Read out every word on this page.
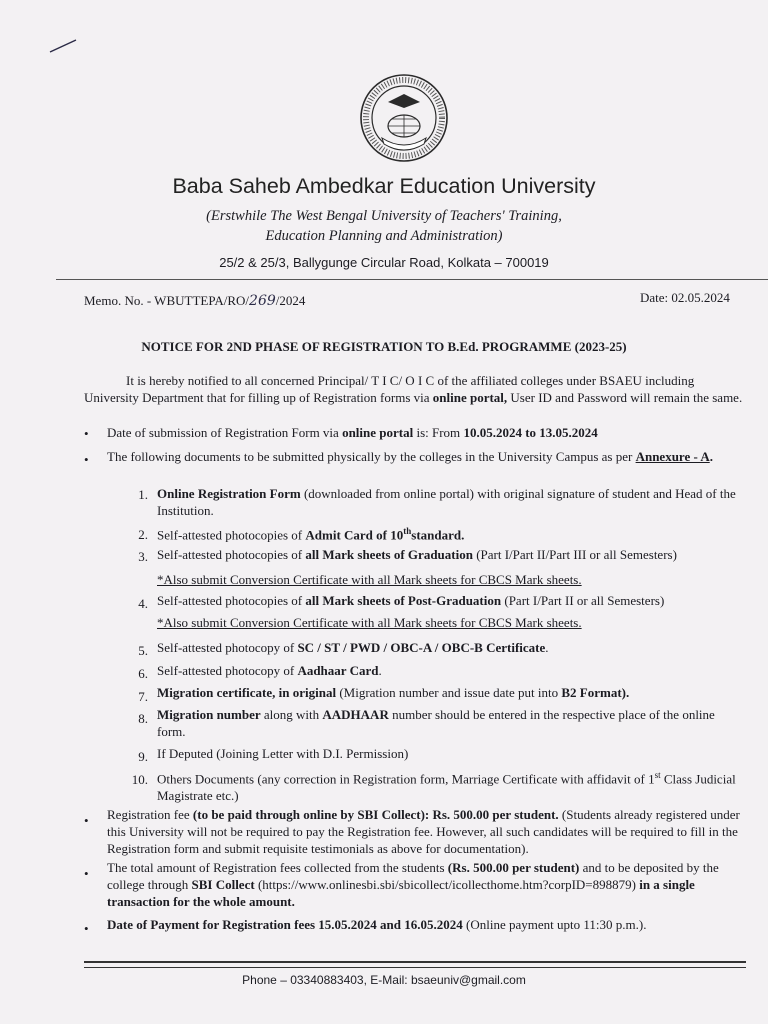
Baba Saheb Ambedkar Education University
(Erstwhile The West Bengal University of Teachers' Training,
Education Planning and Administration)
25/2 & 25/3, Ballygunge Circular Road, Kolkata – 700019
Memo. No. - WBUTTEPA/RO/269/2024	Date: 02.05.2024
NOTICE FOR 2ND PHASE OF REGISTRATION TO B.Ed. PROGRAMME (2023-25)
It is hereby notified to all concerned Principal/ T I C/ O I C of the affiliated colleges under BSAEU including University Department that for filling up of Registration forms via online portal, User ID and Password will remain the same.
• Date of submission of Registration Form via online portal is: From 10.05.2024 to 13.05.2024
• The following documents to be submitted physically by the colleges in the University Campus as per Annexure - A.
1. Online Registration Form (downloaded from online portal) with original signature of student and Head of the Institution.
2. Self-attested photocopies of Admit Card of 10thstandard.
3. Self-attested photocopies of all Mark sheets of Graduation (Part I/Part II/Part III or all Semesters)
*Also submit Conversion Certificate with all Mark sheets for CBCS Mark sheets.
4. Self-attested photocopies of all Mark sheets of Post-Graduation (Part I/Part II or all Semesters)
*Also submit Conversion Certificate with all Mark sheets for CBCS Mark sheets.
5. Self-attested photocopy of SC / ST / PWD / OBC-A / OBC-B Certificate.
6. Self-attested photocopy of Aadhaar Card.
7. Migration certificate, in original (Migration number and issue date put into B2 Format).
8. Migration number along with AADHAAR number should be entered in the respective place of the online form.
9. If Deputed (Joining Letter with D.I. Permission)
10. Others Documents (any correction in Registration form, Marriage Certificate with affidavit of 1st Class Judicial Magistrate etc.)
• Registration fee (to be paid through online by SBI Collect): Rs. 500.00 per student. (Students already registered under this University will not be required to pay the Registration fee. However, all such candidates will be required to fill in the Registration form and submit requisite testimonials as above for documentation).
• The total amount of Registration fees collected from the students (Rs. 500.00 per student) and to be deposited by the college through SBI Collect (https://www.onlinesbi.sbi/sbicollect/icollecthome.htm?corpID=898879) in a single transaction for the whole amount.
• Date of Payment for Registration fees 15.05.2024 and 16.05.2024 (Online payment upto 11:30 p.m.).
Phone – 03340883403, E-Mail: bsaeuniv@gmail.com
